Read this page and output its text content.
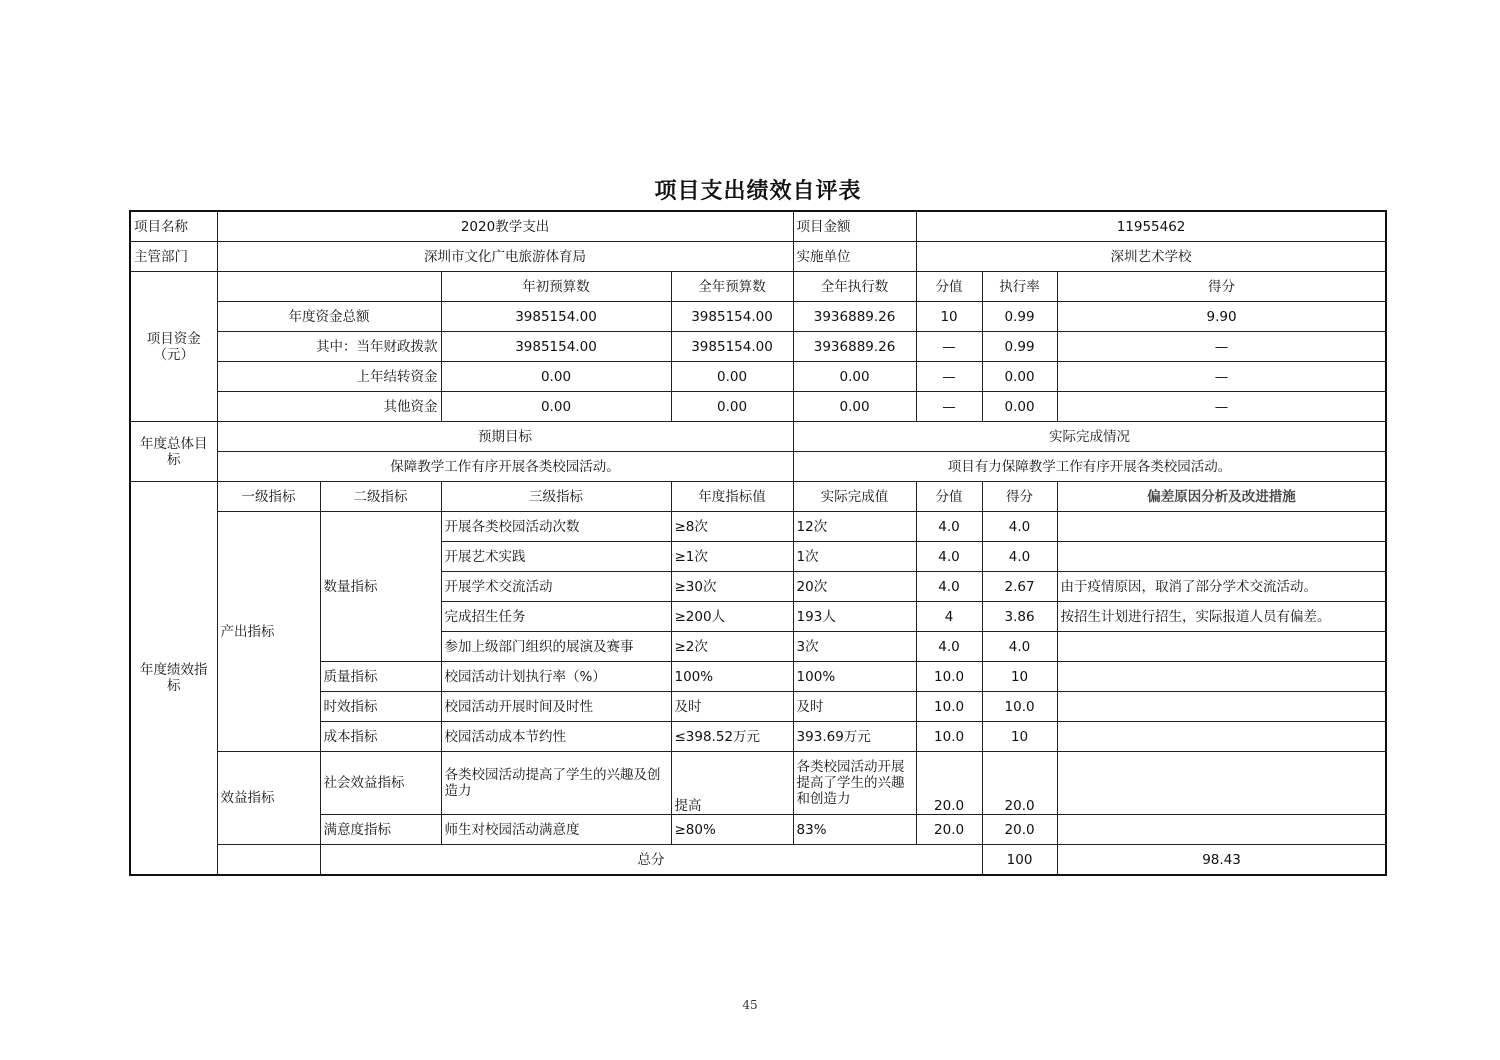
项目支出绩效自评表
项目名称	2020教学支出				项目金额	11955462			
主管部门	深圳市文化广电旅游体育局				实施单位	深圳艺术学校			

项目资金
（元）			年初预算数	全年预算数	全年执行数	分值	执行率	得分	
	年度资金总额		3985154.00	3985154.00	3936889.26	10	0.99	9.90	
	其中：当年财政拨款		3985154.00	3985154.00	3936889.26	—	0.99	—	
	上年结转资金		0.00	0.00	0.00	—	0.00	—	
	其他资金		0.00	0.00	0.00	—	0.00	—	

年度总体目
标	预期目标				实际完成情况				
	保障教学工作有序开展各类校园活动。				项目有力保障教学工作有序开展各类校园活动。				

年度绩效指
标	一级指标	二级指标	三级指标	年度指标值	实际完成值	分值	得分	偏差原因分析及改进措施	
	产出指标	数量指标	开展各类校园活动次数	≥8次	12次	4.0	4.0		
			开展艺术实践	≥1次	1次	4.0	4.0		
			开展学术交流活动	≥30次	20次	4.0	2.67	由于疫情原因，取消了部分学术交流活动。	
			完成招生任务	≥200人	193人	4	3.86	按招生计划进行招生，实际报道人员有偏差。	
			参加上级部门组织的展演及赛事	≥2次	3次	4.0	4.0		
		质量指标	校园活动计划执行率（%）	100%	100%	10.0	10		
		时效指标	校园活动开展时间及时性	及时	及时	10.0	10.0		
		成本指标	校园活动成本节约性	≤398.52万元	393.69万元	10.0	10		
	效益指标	社会效益指标	各类校园活动提高了学生的兴趣及创造力	提高	各类校园活动开展提高了学生的兴趣和创造力	20.0	20.0		
		满意度指标	师生对校园活动满意度	≥80%	83%	20.0	20.0		
		总分					100	98.43	
45
